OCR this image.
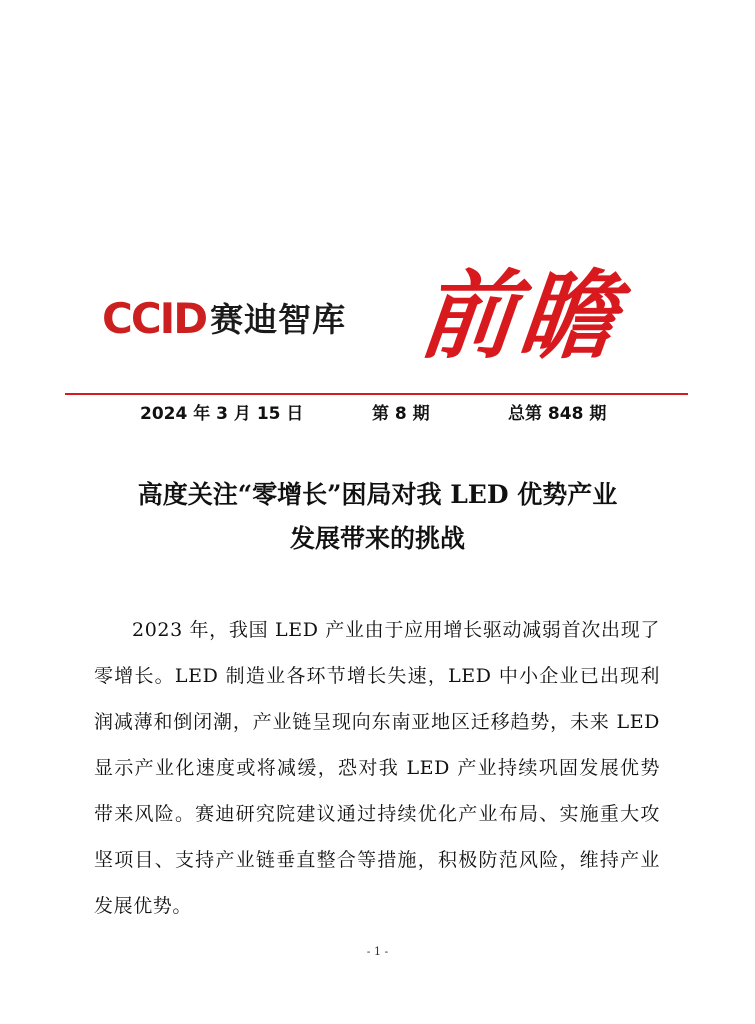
CCID 赛迪智库 前瞻
2024 年 3 月 15 日	第 8 期	总第 848 期
高度关注“零增长”困局对我 LED 优势产业
发展带来的挑战

2023 年，我国 LED 产业由于应用增长驱动减弱首次出现了零增长。LED 制造业各环节增长失速，LED 中小企业已出现利润减薄和倒闭潮，产业链呈现向东南亚地区迁移趋势，未来 LED 显示产业化速度或将减缓，恐对我 LED 产业持续巩固发展优势带来风险。赛迪研究院建议通过持续优化产业布局、实施重大攻坚项目、支持产业链垂直整合等措施，积极防范风险，维持产业发展优势。

- 1 -
